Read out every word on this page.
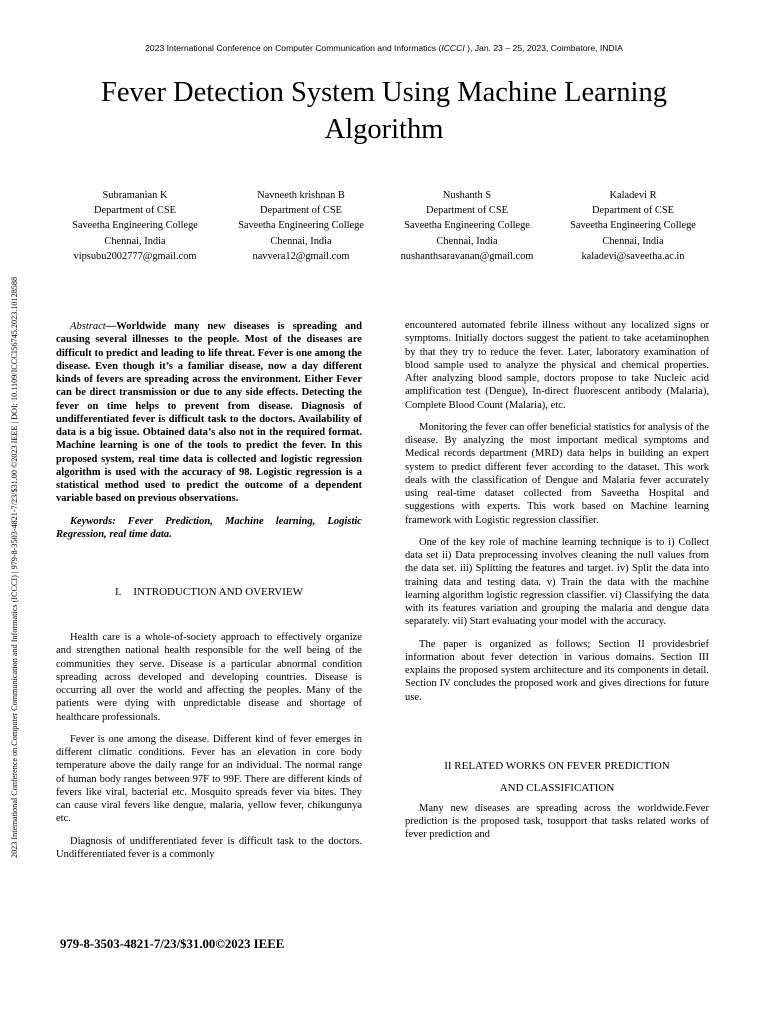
2023 International Conference on Computer Communication and Informatics (ICCCI ), Jan. 23 – 25, 2023, Coimbatore, INDIA
2023 International Conference on Computer Communication and Informatics (ICCCI) | 979-8-3503-4821-7/23/$31.00 ©2023 IEEE | DOI: 10.1109/ICCCI56745.2023.10128588
Fever Detection System Using Machine Learning
Algorithm
Subramanian K
Department of CSE
Saveetha Engineering College
Chennai, India
vipsubu2002777@gmail.com
Navneeth krishnan B
Department of CSE
Saveetha Engineering College
Chennai, India
navvera12@gmail.com
Nushanth S
Department of CSE
Saveetha Engineering College
Chennai, India
nushanthsaravanan@gmail.com
Kaladevi R
Department of CSE
Saveetha Engineering College
Chennai, India
kaladevi@saveetha.ac.in

Abstract—Worldwide many new diseases is spreading and causing several illnesses to the people. Most of the diseases are difficult to predict and leading to life threat. Fever is one among the disease. Even though it’s a familiar disease, now a day different kinds of fevers are spreading across the environment. Either Fever can be direct transmission or due to any side effects. Detecting the fever on time helps to prevent from disease. Diagnosis of undifferentiated fever is difficult task to the doctors. Availability of data is a big issue. Obtained data’s also not in the required format. Machine learning is one of the tools to predict the fever. In this proposed system, real time data is collected and logistic regression algorithm is used with the accuracy of 98. Logistic regression is a statistical method used to predict the outcome of a dependent variable based on previous observations.

Keywords: Fever Prediction, Machine learning, Logistic Regression, real time data.

I. INTRODUCTION AND OVERVIEW

Health care is a whole-of-society approach to effectively organize and strengthen national health responsible for the well being of the communities they serve. Disease is a particular abnormal condition spreading across developed and developing countries. Disease is occurring all over the world and affecting the peoples. Many of the patients were dying with unpredictable disease and shortage of healthcare professionals.

Fever is one among the disease. Different kind of fever emerges in different climatic conditions. Fever has an elevation in core body temperature above the daily range for an individual. The normal range of human body ranges between 97F to 99F. There are different kinds of fevers like viral, bacterial etc. Mosquito spreads fever via bites. They can cause viral fevers like dengue, malaria, yellow fever, chikungunya etc.

Diagnosis of undifferentiated fever is difficult task to the doctors. Undifferentiated fever is a commonly

encountered automated febrile illness without any localized signs or symptoms. Initially doctors suggest the patient to take acetaminophen by that they try to reduce the fever. Later, laboratory examination of blood sample used to analyze the physical and chemical properties. After analyzing blood sample, doctors propose to take Nucleic acid amplification test (Dengue), In-direct fluorescent antibody (Malaria), Complete Blood Count (Malaria), etc.

Monitoring the fever can offer beneficial statistics for analysis of the disease. By analyzing the most important medical symptoms and Medical records department (MRD) data helps in building an expert system to predict different fever according to the dataset. This work deals with the classification of Dengue and Malaria fever accurately using real-time dataset collected from Saveetha Hospital and suggestions with experts. This work based on Machine learning framework with Logistic regression classifier.

One of the key role of machine learning technique is to i) Collect data set ii) Data preprocessing involves cleaning the null values from the data set. iii) Splitting the features and target. iv) Split the data into training data and testing data. v) Train the data with the machine learning algorithm logistic regression classifier. vi) Classifying the data with its features variation and grouping the malaria and dengue data separately. vii) Start evaluating your model with the accuracy.

The paper is organized as follows; Section II providesbrief information about fever detection in various domains. Section III explains the proposed system architecture and its components in detail. Section IV concludes the proposed work and gives directions for future use.

II RELATED WORKS ON FEVER PREDICTION
AND CLASSIFICATION

Many new diseases are spreading across the worldwide.Fever prediction is the proposed task, tosupport that tasks related works of fever prediction and

979-8-3503-4821-7/23/$31.00©2023 IEEE
